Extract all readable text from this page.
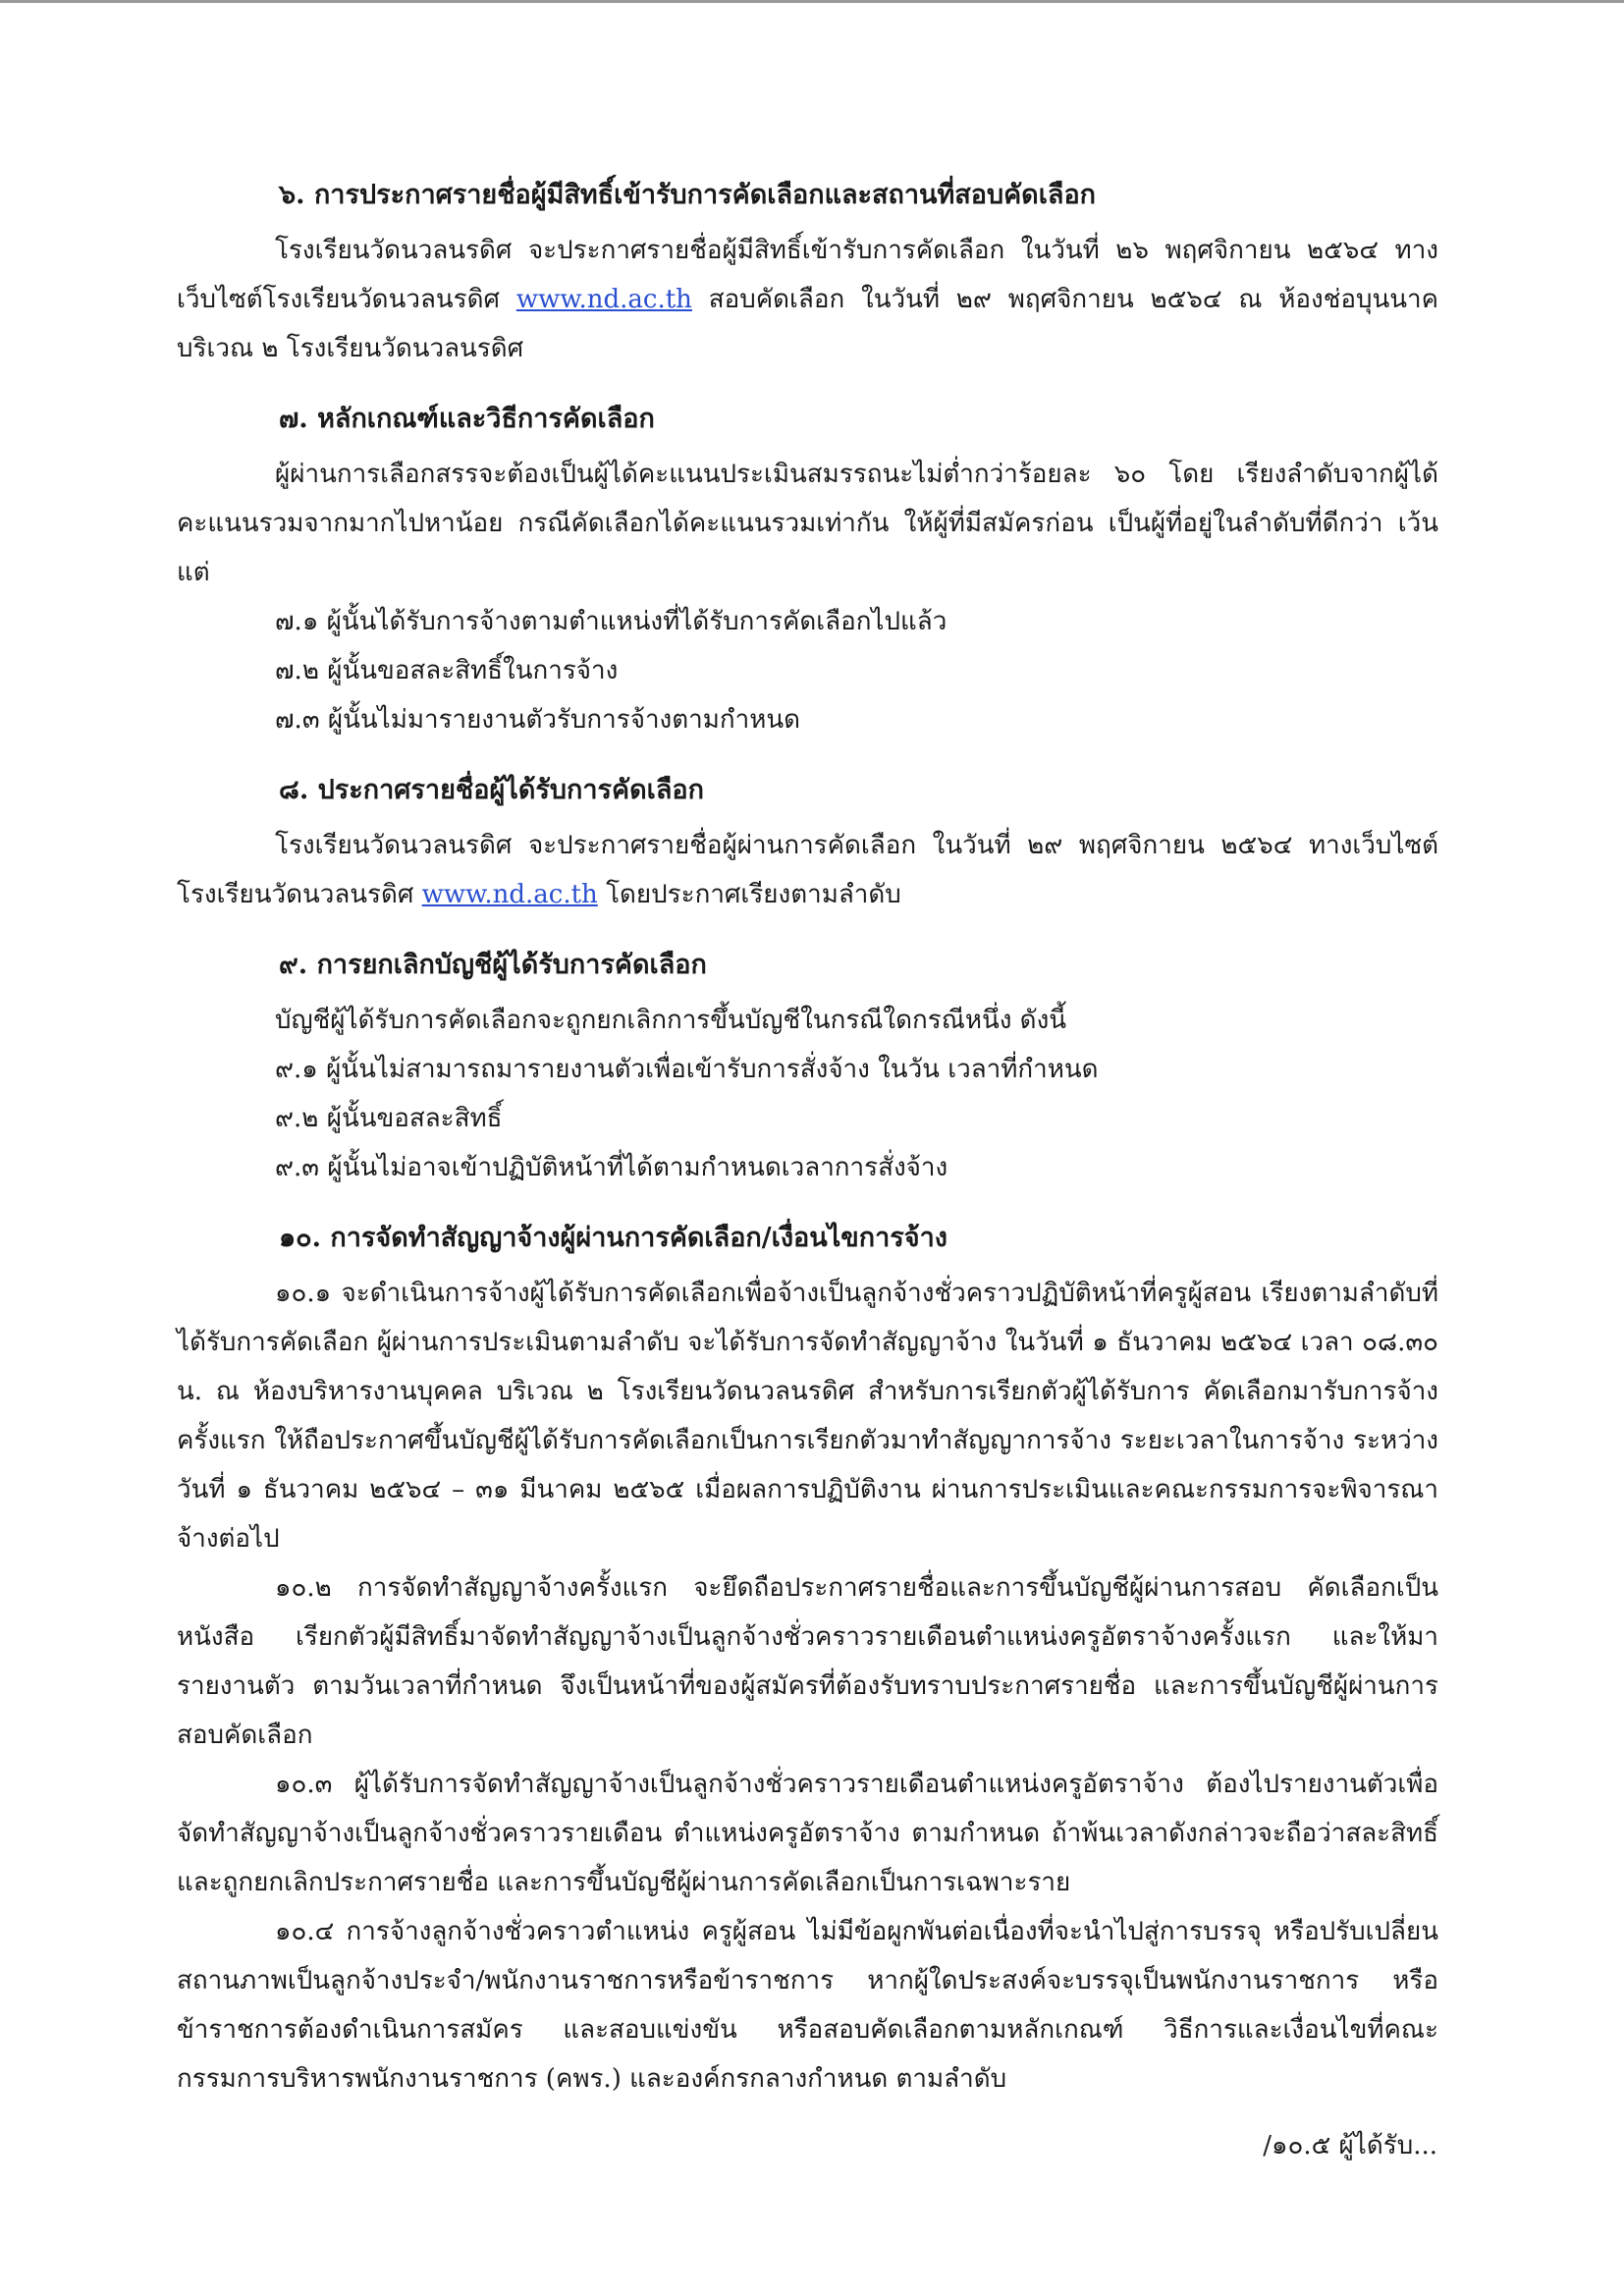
๖. การประกาศรายชื่อผู้มีสิทธิ์เข้ารับการคัดเลือกและสถานที่สอบคัดเลือก

โรงเรียนวัดนวลนรดิศ จะประกาศรายชื่อผู้มีสิทธิ์เข้ารับการคัดเลือก ในวันที่ ๒๖ พฤศจิกายน ๒๕๖๔ ทางเว็บไซต์โรงเรียนวัดนวลนรดิศ www.nd.ac.th สอบคัดเลือก ในวันที่ ๒๙ พฤศจิกายน ๒๕๖๔ ณ ห้องช่อบุนนาค บริเวณ ๒ โรงเรียนวัดนวลนรดิศ

๗. หลักเกณฑ์และวิธีการคัดเลือก

ผู้ผ่านการเลือกสรรจะต้องเป็นผู้ได้คะแนนประเมินสมรรถนะไม่ต่ำกว่าร้อยละ ๖๐ โดย เรียงลำดับจากผู้ได้คะแนนรวมจากมากไปหาน้อย กรณีคัดเลือกได้คะแนนรวมเท่ากัน ให้ผู้ที่มีสมัครก่อน เป็นผู้ที่อยู่ในลำดับที่ดีกว่า เว้นแต่

๗.๑ ผู้นั้นได้รับการจ้างตามตำแหน่งที่ได้รับการคัดเลือกไปแล้ว
๗.๒ ผู้นั้นขอสละสิทธิ์ในการจ้าง
๗.๓ ผู้นั้นไม่มารายงานตัวรับการจ้างตามกำหนด
๘. ประกาศรายชื่อผู้ได้รับการคัดเลือก

โรงเรียนวัดนวลนรดิศ จะประกาศรายชื่อผู้ผ่านการคัดเลือก ในวันที่ ๒๙ พฤศจิกายน ๒๕๖๔ ทางเว็บไซต์โรงเรียนวัดนวลนรดิศ www.nd.ac.th โดยประกาศเรียงตามลำดับ

๙. การยกเลิกบัญชีผู้ได้รับการคัดเลือก
บัญชีผู้ได้รับการคัดเลือกจะถูกยกเลิกการขึ้นบัญชีในกรณีใดกรณีหนึ่ง ดังนี้
๙.๑ ผู้นั้นไม่สามารถมารายงานตัวเพื่อเข้ารับการสั่งจ้าง ในวัน เวลาที่กำหนด
๙.๒ ผู้นั้นขอสละสิทธิ์
๙.๓ ผู้นั้นไม่อาจเข้าปฏิบัติหน้าที่ได้ตามกำหนดเวลาการสั่งจ้าง
๑๐. การจัดทำสัญญาจ้างผู้ผ่านการคัดเลือก/เงื่อนไขการจ้าง

๑๐.๑ จะดำเนินการจ้างผู้ได้รับการคัดเลือกเพื่อจ้างเป็นลูกจ้างชั่วคราวปฏิบัติหน้าที่ครูผู้สอน เรียงตามลำดับที่ได้รับการคัดเลือก ผู้ผ่านการประเมินตามลำดับ จะได้รับการจัดทำสัญญาจ้าง ในวันที่ ๑ ธันวาคม ๒๕๖๔ เวลา ๐๘.๓๐ น. ณ ห้องบริหารงานบุคคล บริเวณ ๒ โรงเรียนวัดนวลนรดิศ สำหรับการเรียกตัวผู้ได้รับการ คัดเลือกมารับการจ้างครั้งแรก ให้ถือประกาศขึ้นบัญชีผู้ได้รับการคัดเลือกเป็นการเรียกตัวมาทำสัญญาการจ้าง ระยะเวลาในการจ้าง ระหว่างวันที่ ๑ ธันวาคม ๒๕๖๔ – ๓๑ มีนาคม ๒๕๖๕ เมื่อผลการปฏิบัติงาน ผ่านการประเมินและคณะกรรมการจะพิจารณาจ้างต่อไป

๑๐.๒ การจัดทำสัญญาจ้างครั้งแรก จะยึดถือประกาศรายชื่อและการขึ้นบัญชีผู้ผ่านการสอบ คัดเลือกเป็นหนังสือ เรียกตัวผู้มีสิทธิ์มาจัดทำสัญญาจ้างเป็นลูกจ้างชั่วคราวรายเดือนตำแหน่งครูอัตราจ้างครั้งแรก และให้มารายงานตัว ตามวันเวลาที่กำหนด จึงเป็นหน้าที่ของผู้สมัครที่ต้องรับทราบประกาศรายชื่อ และการขึ้นบัญชีผู้ผ่านการสอบคัดเลือก

๑๐.๓ ผู้ได้รับการจัดทำสัญญาจ้างเป็นลูกจ้างชั่วคราวรายเดือนตำแหน่งครูอัตราจ้าง ต้องไปรายงานตัวเพื่อจัดทำสัญญาจ้างเป็นลูกจ้างชั่วคราวรายเดือน ตำแหน่งครูอัตราจ้าง ตามกำหนด ถ้าพ้นเวลาดังกล่าวจะถือว่าสละสิทธิ์ และถูกยกเลิกประกาศรายชื่อ และการขึ้นบัญชีผู้ผ่านการคัดเลือกเป็นการเฉพาะราย

๑๐.๔ การจ้างลูกจ้างชั่วคราวตำแหน่ง ครูผู้สอน ไม่มีข้อผูกพันต่อเนื่องที่จะนำไปสู่การบรรจุ หรือปรับเปลี่ยนสถานภาพเป็นลูกจ้างประจำ/พนักงานราชการหรือข้าราชการ หากผู้ใดประสงค์จะบรรจุเป็นพนักงานราชการ หรือข้าราชการต้องดำเนินการสมัคร และสอบแข่งขัน หรือสอบคัดเลือกตามหลักเกณฑ์ วิธีการและเงื่อนไขที่คณะกรรมการบริหารพนักงานราชการ (คพร.) และองค์กรกลางกำหนด ตามลำดับ

/๑๐.๕ ผู้ได้รับ...
